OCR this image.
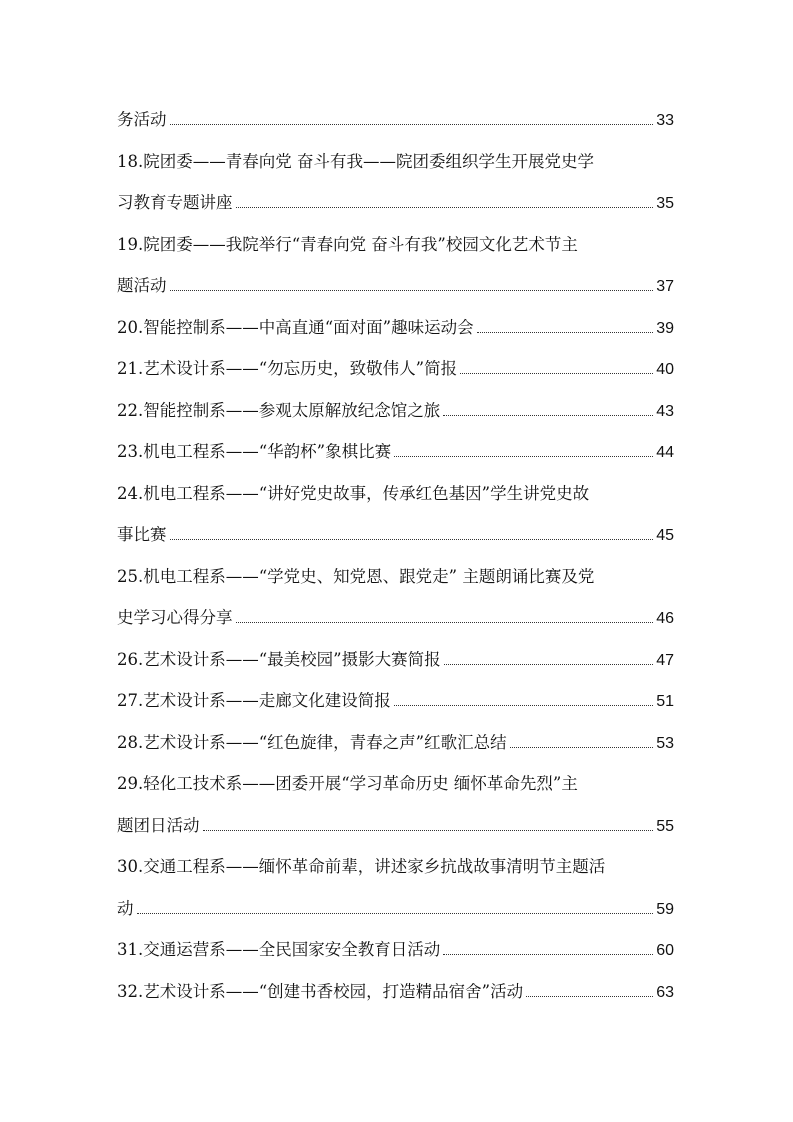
务活动	33
18.院团委——青春向党 奋斗有我——院团委组织学生开展党史学
习教育专题讲座	35
19.院团委——我院举行“青春向党 奋斗有我”校园文化艺术节主
题活动	37
20.智能控制系——中高直通“面对面”趣味运动会	39
21.艺术设计系——“勿忘历史，致敬伟人”简报	40
22.智能控制系——参观太原解放纪念馆之旅	43
23.机电工程系——“华韵杯”象棋比赛	44
24.机电工程系——“讲好党史故事，传承红色基因”学生讲党史故
事比赛	45
25.机电工程系——“学党史、知党恩、跟党走” 主题朗诵比赛及党
史学习心得分享	46
26.艺术设计系——“最美校园”摄影大赛简报	47
27.艺术设计系——走廊文化建设简报	51
28.艺术设计系——“红色旋律，青春之声”红歌汇总结	53
29.轻化工技术系——团委开展“学习革命历史 缅怀革命先烈”主
题团日活动	55
30.交通工程系——缅怀革命前辈，讲述家乡抗战故事清明节主题活
动	59
31.交通运营系——全民国家安全教育日活动	60
32.艺术设计系——“创建书香校园，打造精品宿舍”活动	63
